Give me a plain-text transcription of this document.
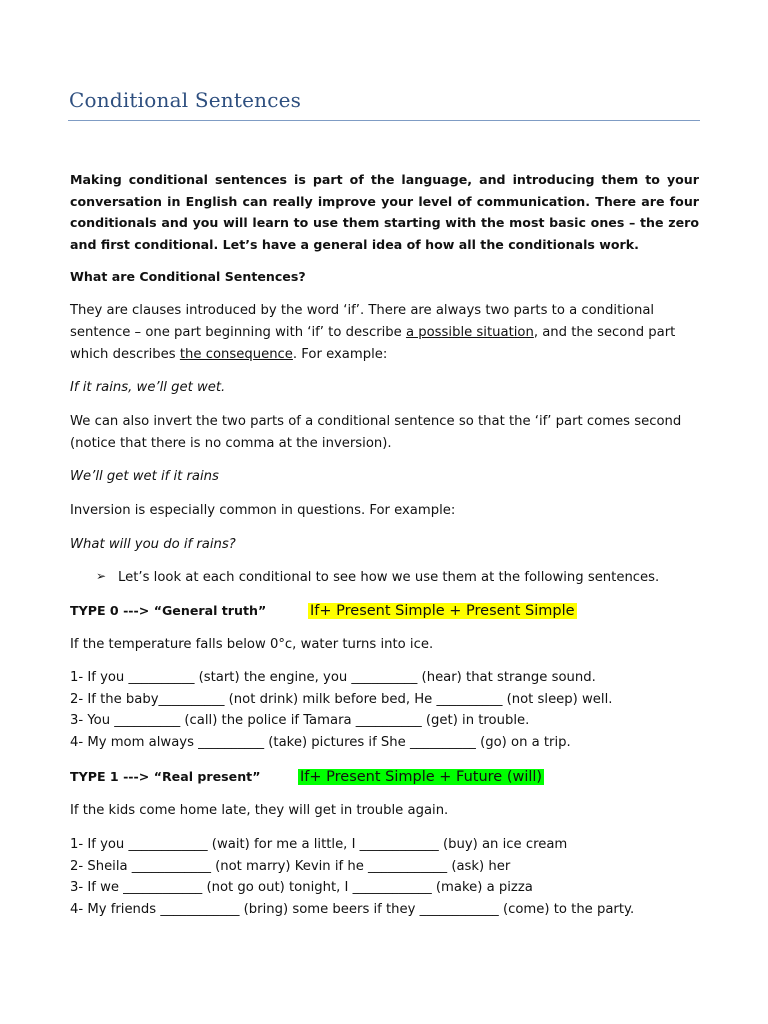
Conditional Sentences
Making conditional sentences is part of the language, and introducing them to your conversation in English can really improve your level of communication. There are four conditionals and you will learn to use them starting with the most basic ones – the zero and first conditional. Let’s have a general idea of how all the conditionals work.
What are Conditional Sentences?
They are clauses introduced by the word ‘if’. There are always two parts to a conditional
sentence – one part beginning with ‘if’ to describe a possible situation, and the second part
which describes the consequence. For example:
If it rains, we’ll get wet.
We can also invert the two parts of a conditional sentence so that the ‘if’ part comes second
(notice that there is no comma at the inversion).
We’ll get wet if it rains
Inversion is especially common in questions. For example:
What will you do if rains?
➢ Let’s look at each conditional to see how we use them at the following sentences.
TYPE 0 ---> “General truth”	If+ Present Simple + Present Simple
If the temperature falls below 0°c, water turns into ice.
1- If you __________ (start) the engine, you __________ (hear) that strange sound.
2- If the baby__________ (not drink) milk before bed, He __________ (not sleep) well.
3- You __________ (call) the police if Tamara __________ (get) in trouble.
4- My mom always __________ (take) pictures if She __________ (go) on a trip.
TYPE 1 ---> “Real present”	If+ Present Simple + Future (will)
If the kids come home late, they will get in trouble again.
1- If you ____________ (wait) for me a little, I ____________ (buy) an ice cream
2- Sheila ____________ (not marry) Kevin if he ____________ (ask) her
3- If we ____________ (not go out) tonight, I ____________ (make) a pizza
4- My friends ____________ (bring) some beers if they ____________ (come) to the party.
